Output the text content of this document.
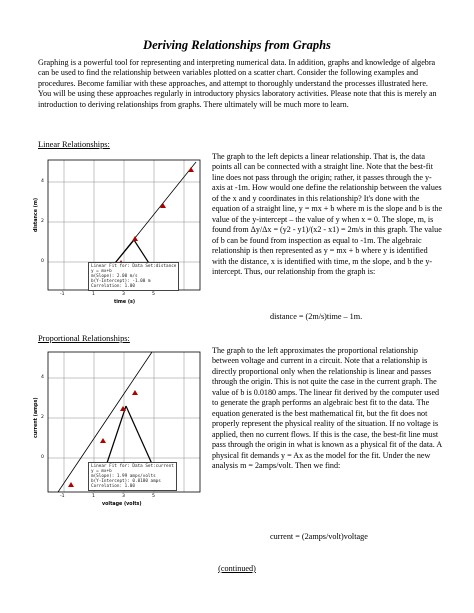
Deriving Relationships from Graphs
Graphing is a powerful tool for representing and interpreting numerical data. In addition, graphs and knowledge of algebra can be used to find the relationship between variables plotted on a scatter chart. Consider the following examples and procedures. Become familiar with these approaches, and attempt to thoroughly understand the processes illustrated here. You will be using these approaches regularly in introductory physics laboratory activities. Please note that this is merely an introduction to deriving relationships from graphs. There ultimately will be much more to learn.
Linear Relationships:
distance (m)
4
2
0
-1	1	3	5
time (s)
Linear Fit for: Data Set:distance
y = mx+b
m(Slope): 2.00 m/s
b(Y-Intercept): -1.00 m
Correlation: 1.00
The graph to the left depicts a linear relationship. That is, the data points all can be connected with a straight line. Note that the best-fit line does not pass through the origin; rather, it passes through the y-axis at -1m. How would one define the relationship between the values of the x and y coordinates in this relationship? It's done with the equation of a straight line, y = mx + b where m is the slope and b is the value of the y-intercept – the value of y when x = 0. The slope, m, is found from Δy/Δx = (y2 - y1)/(x2 - x1) = 2m/s in this graph. The value of b can be found from inspection as equal to -1m. The algebraic relationship is then represented as y = mx + b where y is identified with the distance, x is identified with time, m the slope, and b the y-intercept. Thus, our relationship from the graph is:
distance = (2m/s)time – 1m.
Proportional Relationships:
current (amps)
4
2
0
-1	1	3	5
voltage (volts)
Linear Fit for: Data Set:current
y = mx+b
m(Slope): 1.99 amps/volts
b(Y-Intercept): 0.0180 amps
Correlation: 1.00
The graph to the left approximates the proportional relationship between voltage and current in a circuit. Note that a relationship is directly proportional only when the relationship is linear and passes through the origin. This is not quite the case in the current graph. The value of b is 0.0180 amps. The linear fit derived by the computer used to generate the graph performs an algebraic best fit to the data. The equation generated is the best mathematical fit, but the fit does not properly represent the physical reality of the situation. If no voltage is applied, then no current flows. If this is the case, the best-fit line must pass through the origin in what is known as a physical fit of the data. A physical fit demands y = Ax as the model for the fit. Under the new analysis m = 2amps/volt. Then we find:
current = (2amps/volt)voltage
(continued)
